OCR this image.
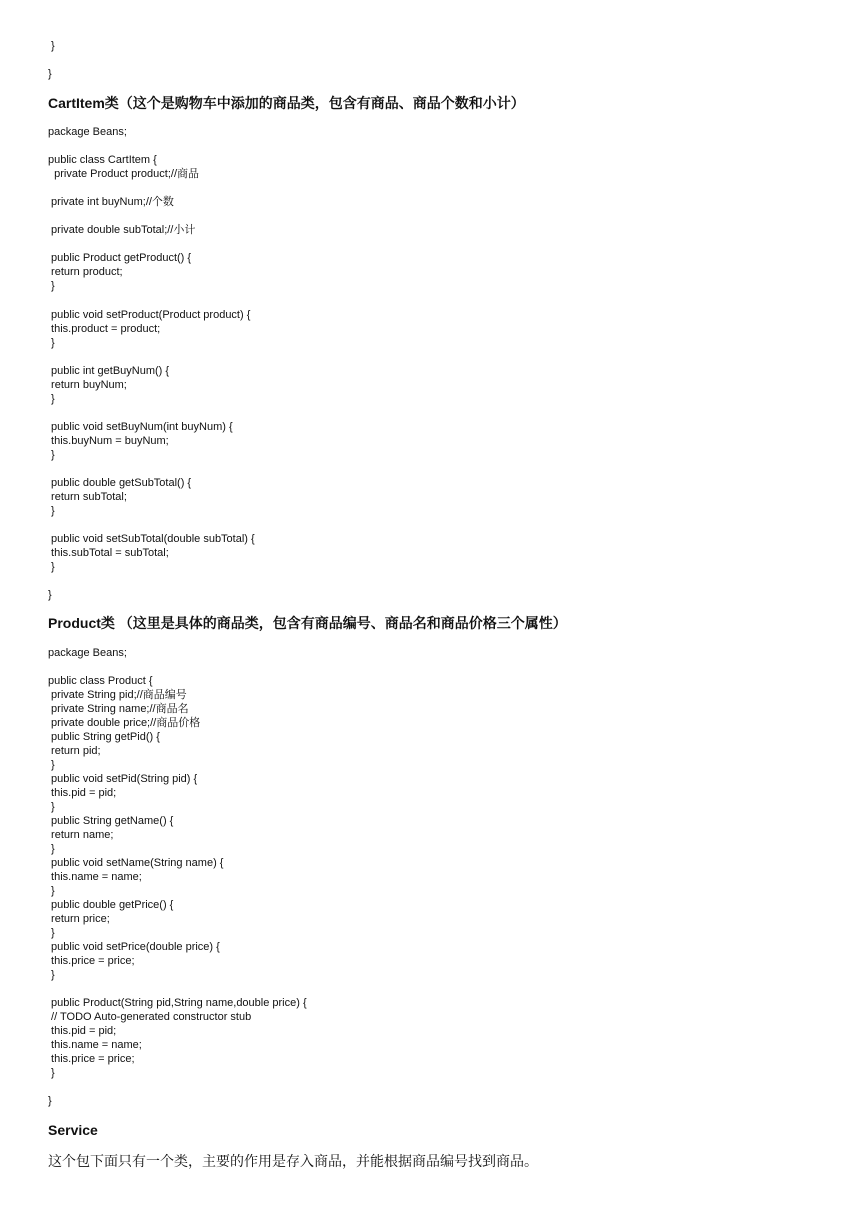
}
}
CartItem类（这个是购物车中添加的商品类，包含有商品、商品个数和小计）
package Beans;
public class CartItem {
private Product product;//商品
private int buyNum;//个数
private double subTotal;//小计
public Product getProduct() {
return product;
}
public void setProduct(Product product) {
this.product = product;
}
public int getBuyNum() {
return buyNum;
}
public void setBuyNum(int buyNum) {
this.buyNum = buyNum;
}
public double getSubTotal() {
return subTotal;
}
public void setSubTotal(double subTotal) {
this.subTotal = subTotal;
}
}
Product类 （这里是具体的商品类，包含有商品编号、商品名和商品价格三个属性）
package Beans;
public class Product {
private String pid;//商品编号
private String name;//商品名
private double price;//商品价格
public String getPid() {
return pid;
}
public void setPid(String pid) {
this.pid = pid;
}
public String getName() {
return name;
}
public void setName(String name) {
this.name = name;
}
public double getPrice() {
return price;
}
public void setPrice(double price) {
this.price = price;
}
public Product(String pid,String name,double price) {
// TODO Auto-generated constructor stub
this.pid = pid;
this.name = name;
this.price = price;
}
}
Service
这个包下面只有一个类，主要的作用是存入商品，并能根据商品编号找到商品。
